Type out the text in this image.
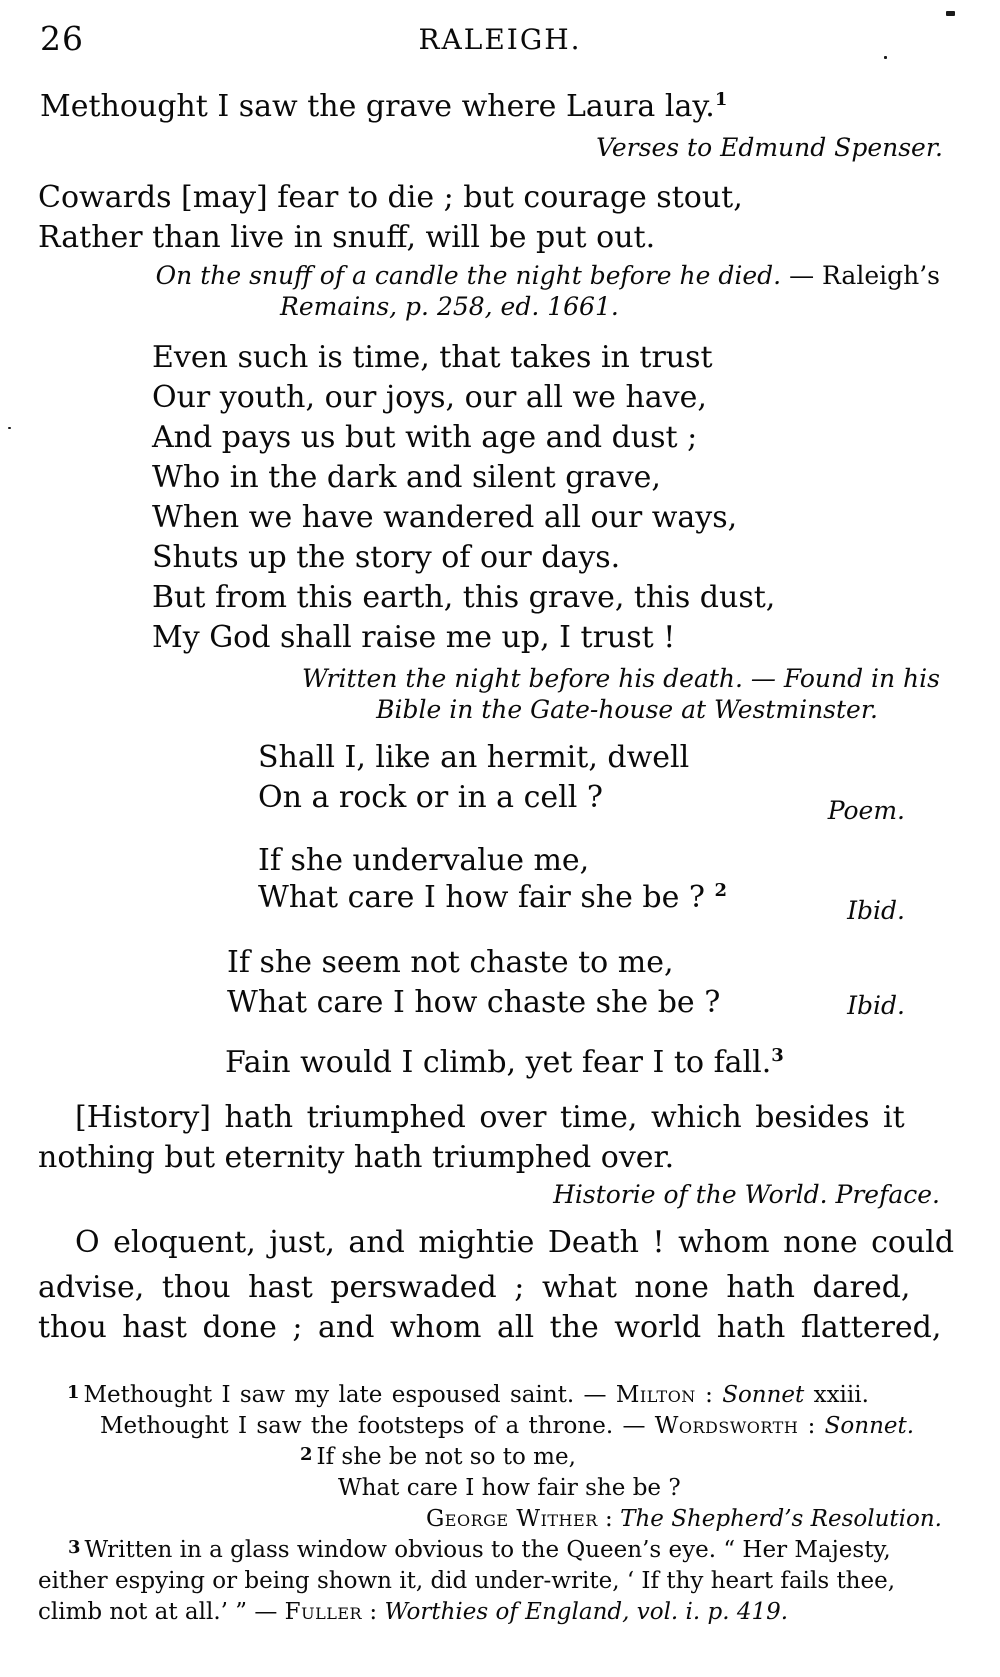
26	RALEIGH.
Methought I saw the grave where Laura lay.$^1$
Verses to Edmund Spenser.
Cowards [may] fear to die ; but courage stout,
Rather than live in snuff, will be put out.
On the snuff of a candle the night before he died. — Raleigh’s
Remains, p. 258, ed. 1661.
Even such is time, that takes in trust
Our youth, our joys, our all we have,
And pays us but with age and dust ;
Who in the dark and silent grave,
When we have wandered all our ways,
Shuts up the story of our days.
But from this earth, this grave, this dust,
My God shall raise me up, I trust !
Written the night before his death. — Found in his
Bible in the Gate-house at Westminster.
Shall I, like an hermit, dwell
On a rock or in a cell ?	Poem.
If she undervalue me,
What care I how fair she be ? $^2$
Ibid.
If she seem not chaste to me,
What care I how chaste she be ?	Ibid.
Fain would I climb, yet fear I to fall.$^3$
[History] hath triumphed over time, which besides it
nothing but eternity hath triumphed over.
Historie of the World. Preface.
O eloquent, just, and mightie Death ! whom none could
advise, thou hast perswaded ; what none hath dared,
thou hast done ; and whom all the world hath flattered,
$^1$ Methought I saw my late espoused saint. — Milton : Sonnet xxiii.
Methought I saw the footsteps of a throne. — Wordsworth : Sonnet.
$^2$ If she be not so to me,
What care I how fair she be ?
George Wither : The Shepherd’s Resolution.
$^3$ Written in a glass window obvious to the Queen’s eye. “ Her Majesty,
either espying or being shown it, did under-write, ‘ If thy heart fails thee,
climb not at all.’ ” — Fuller : Worthies of England, vol. i. p. 419.
